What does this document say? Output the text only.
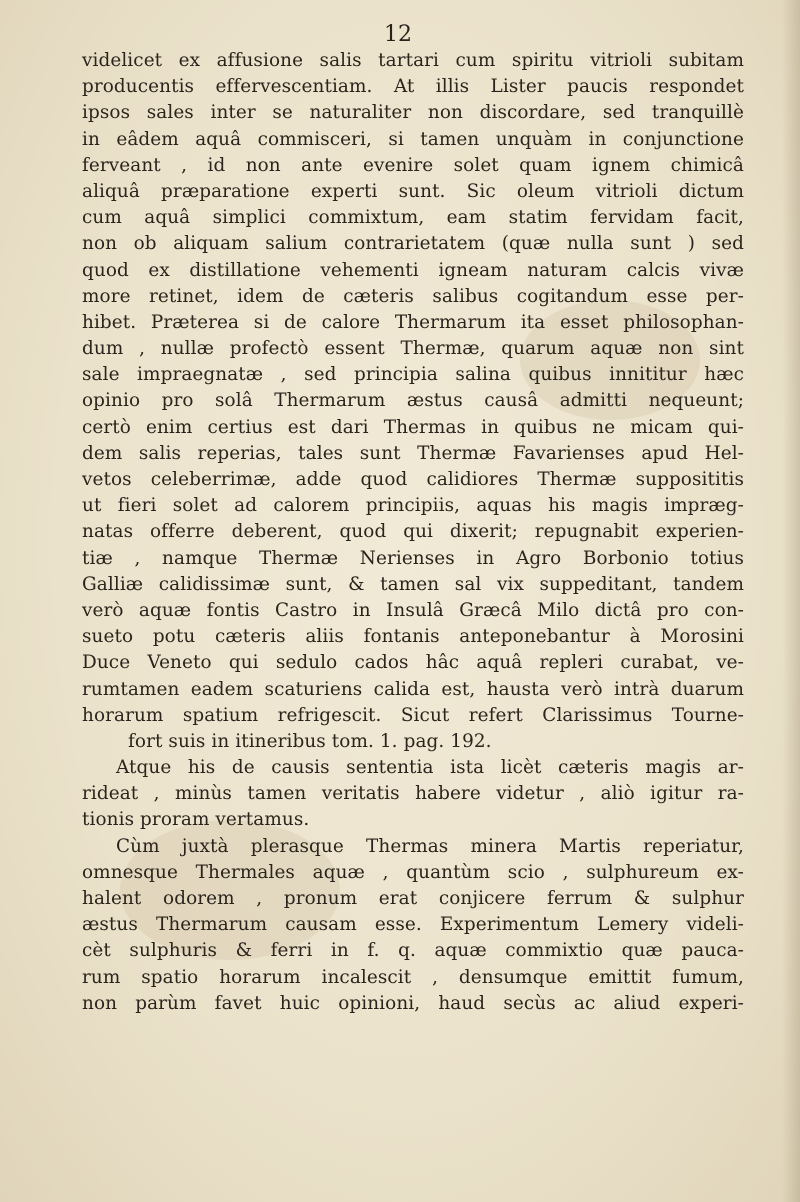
12
videlicet ex affusione salis tartari cum spiritu vitrioli subitam
producentis effervescentiam. At illis Lister paucis respondet
ipsos sales inter se naturaliter non discordare, sed tranquillè
in eâdem aquâ commisceri, si tamen unquàm in conjunctione
ferveant , id non ante evenire solet quam ignem chimicâ
aliquâ præparatione experti sunt. Sic oleum vitrioli dictum
cum aquâ simplici commixtum, eam statim fervidam facit,
non ob aliquam salium contrarietatem (quæ nulla sunt ) sed
quod ex distillatione vehementi igneam naturam calcis vivæ
more retinet, idem de cæteris salibus cogitandum esse per-
hibet. Præterea si de calore Thermarum ita esset philosophan-
dum , nullæ profectò essent Thermæ, quarum aquæ non sint
sale impraegnatæ , sed principia salina quibus innititur hæc
opinio pro solâ Thermarum æstus causâ admitti nequeunt;
certò enim certius est dari Thermas in quibus ne micam qui-
dem salis reperias, tales sunt Thermæ Favarienses apud Hel-
vetos celeberrimæ, adde quod calidiores Thermæ supposititis
ut fieri solet ad calorem principiis, aquas his magis impræg-
natas offerre deberent, quod qui dixerit; repugnabit experien-
tiæ , namque Thermæ Nerienses in Agro Borbonio totius
Galliæ calidissimæ sunt, & tamen sal vix suppeditant, tandem
verò aquæ fontis Castro in Insulâ Græcâ Milo dictâ pro con-
sueto potu cæteris aliis fontanis anteponebantur à Morosini
Duce Veneto qui sedulo cados hâc aquâ repleri curabat, ve-
rumtamen eadem scaturiens calida est, hausta verò intrà duarum
horarum spatium refrigescit. Sicut refert Clarissimus Tourne-
fort suis in itineribus tom. 1. pag. 192.
Atque his de causis sententia ista licèt cæteris magis ar-
rideat , minùs tamen veritatis habere videtur , aliò igitur ra-
tionis proram vertamus.
Cùm juxtà plerasque Thermas minera Martis reperiatur,
omnesque Thermales aquæ , quantùm scio , sulphureum ex-
halent odorem , pronum erat conjicere ferrum & sulphur
æstus Thermarum causam esse. Experimentum Lemery videli-
cèt sulphuris & ferri in f. q. aquæ commixtio quæ pauca-
rum spatio horarum incalescit , densumque emittit fumum,
non parùm favet huic opinioni, haud secùs ac aliud experi-
